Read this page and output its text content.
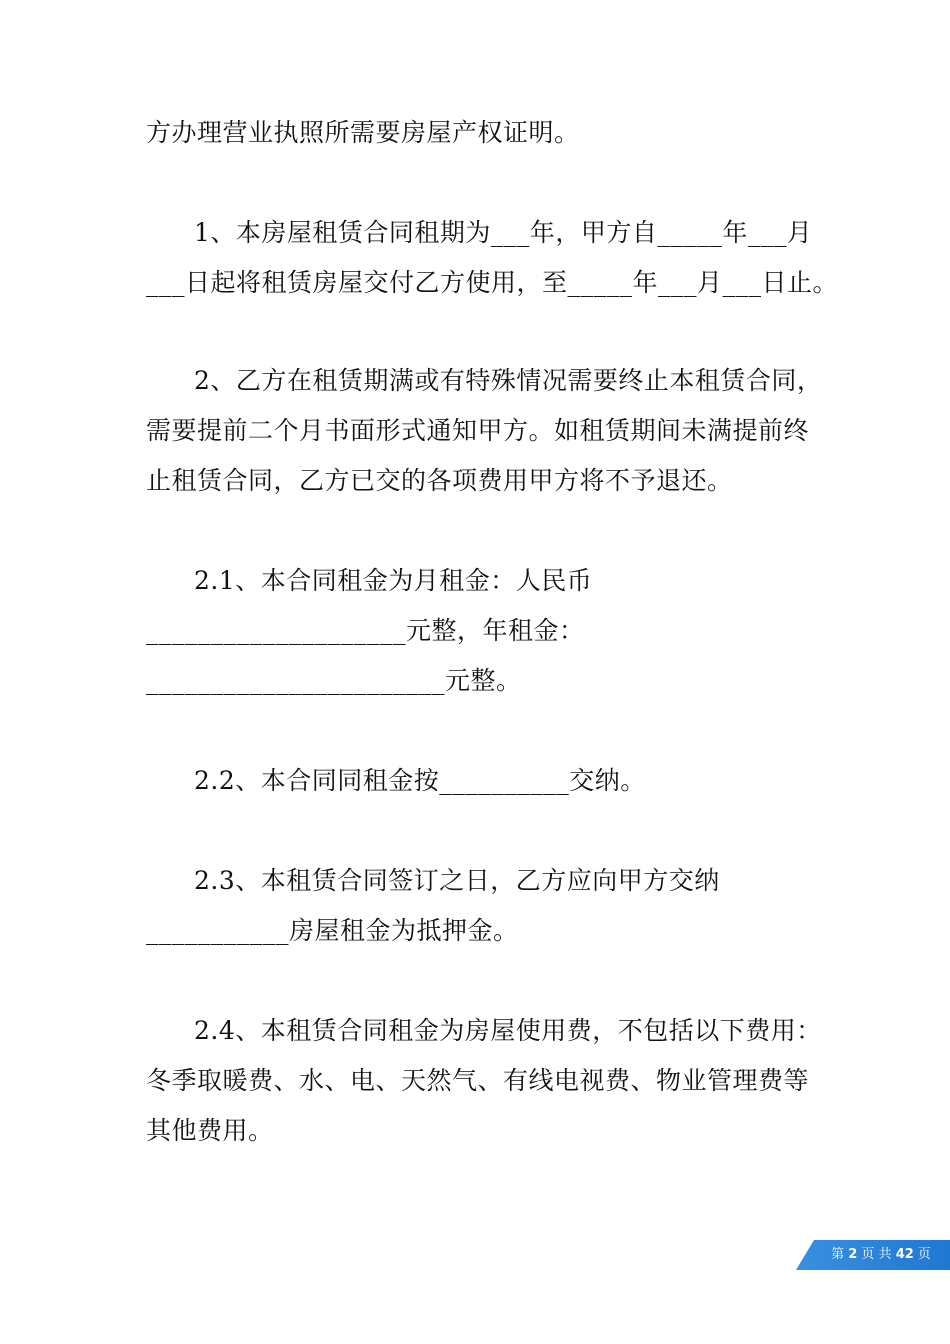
方办理营业执照所需要房屋产权证明。
1、本房屋租赁合同租期为___年，甲方自_____年___月
___日起将租赁房屋交付乙方使用，至_____年___月___日止。
2、乙方在租赁期满或有特殊情况需要终止本租赁合同，
需要提前二个月书面形式通知甲方。如租赁期间未满提前终
止租赁合同，乙方已交的各项费用甲方将不予退还。
2.1、本合同租金为月租金：人民币
____________________元整，年租金：
_______________________元整。
2.2、本合同同租金按__________交纳。
2.3、本租赁合同签订之日，乙方应向甲方交纳
___________房屋租金为抵押金。
2.4、本租赁合同租金为房屋使用费，不包括以下费用：
冬季取暖费、水、电、天然气、有线电视费、物业管理费等
其他费用。
第 2 页 共 42 页
